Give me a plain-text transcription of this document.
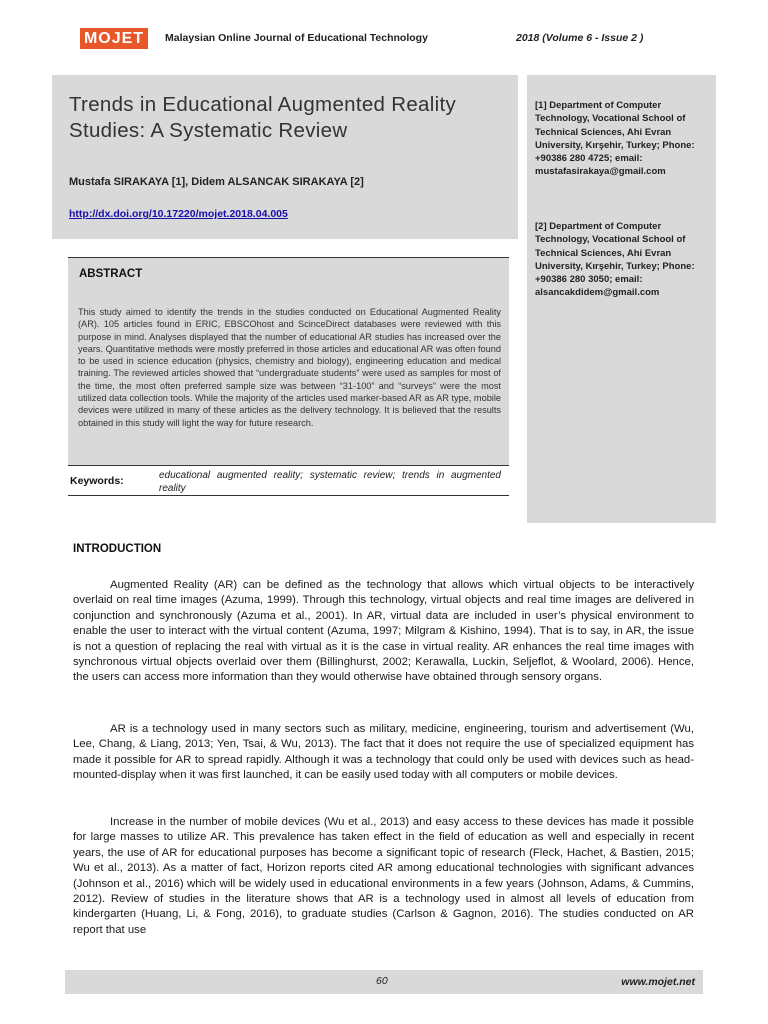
MOJET	Malaysian Online Journal of Educational Technology	2018 (Volume 6 - Issue 2 )
Trends in Educational Augmented Reality Studies: A Systematic Review
Mustafa SIRAKAYA [1], Didem ALSANCAK SIRAKAYA [2]
http://dx.doi.org/10.17220/mojet.2018.04.005
[1] Department of Computer Technology, Vocational School of Technical Sciences, Ahi Evran University, Kırşehir, Turkey; Phone: +90386 280 4725; email: mustafasirakaya@gmail.com
[2] Department of Computer Technology, Vocational School of Technical Sciences, Ahi Evran University, Kırşehir, Turkey; Phone: +90386 280 3050; email: alsancakdidem@gmail.com
ABSTRACT
This study aimed to identify the trends in the studies conducted on Educational Augmented Reality (AR). 105 articles found in ERIC, EBSCOhost and ScinceDirect databases were reviewed with this purpose in mind. Analyses displayed that the number of educational AR studies has increased over the years. Quantitative methods were mostly preferred in those articles and educational AR was often found to be used in science education (physics, chemistry and biology), engineering education and medical training. The reviewed articles showed that “undergraduate students” were used as samples for most of the time, the most often preferred sample size was between “31-100” and “surveys” were the most utilized data collection tools. While the majority of the articles used marker-based AR as AR type, mobile devices were utilized in many of these articles as the delivery technology. It is believed that the results obtained in this study will light the way for future research.
Keywords:	educational augmented reality; systematic review; trends in augmented reality
INTRODUCTION

Augmented Reality (AR) can be defined as the technology that allows which virtual objects to be interactively overlaid on real time images (Azuma, 1999). Through this technology, virtual objects and real time images are delivered in conjunction and synchronously (Azuma et al., 2001). In AR, virtual data are included in user’s physical environment to enable the user to interact with the virtual content (Azuma, 1997; Milgram & Kishino, 1994). That is to say, in AR, the issue is not a question of replacing the real with virtual as it is the case in virtual reality. AR enhances the real time images with synchronous virtual objects overlaid over them (Billinghurst, 2002; Kerawalla, Luckin, Seljeflot, & Woolard, 2006). Hence, the users can access more information than they would otherwise have obtained through sensory organs.

AR is a technology used in many sectors such as military, medicine, engineering, tourism and advertisement (Wu, Lee, Chang, & Liang, 2013; Yen, Tsai, & Wu, 2013). The fact that it does not require the use of specialized equipment has made it possible for AR to spread rapidly. Although it was a technology that could only be used with devices such as head-mounted-display when it was first launched, it can be easily used today with all computers or mobile devices.

Increase in the number of mobile devices (Wu et al., 2013) and easy access to these devices has made it possible for large masses to utilize AR. This prevalence has taken effect in the field of education as well and especially in recent years, the use of AR for educational purposes has become a significant topic of research (Fleck, Hachet, & Bastien, 2015; Wu et al., 2013). As a matter of fact, Horizon reports cited AR among educational technologies with significant advances (Johnson et al., 2016) which will be widely used in educational environments in a few years (Johnson, Adams, & Cummins, 2012). Review of studies in the literature shows that AR is a technology used in almost all levels of education from kindergarten (Huang, Li, & Fong, 2016), to graduate studies (Carlson & Gagnon, 2016). The studies conducted on AR report that use

60	www.mojet.net
